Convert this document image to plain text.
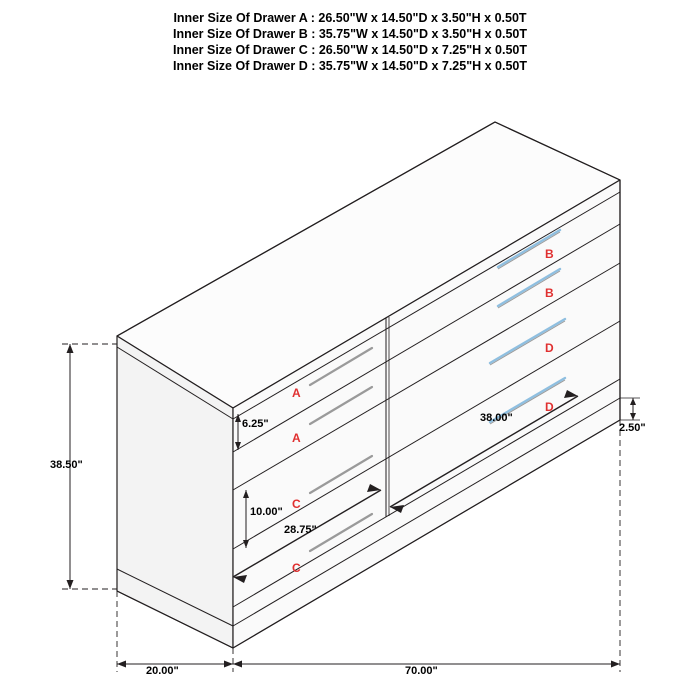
Inner Size Of Drawer A : 26.50"W x 14.50"D x 3.50"H x 0.50T
Inner Size Of Drawer B : 35.75"W x 14.50"D x 3.50"H x 0.50T
Inner Size Of Drawer C : 26.50"W x 14.50"D x 7.25"H x 0.50T
Inner Size Of Drawer D : 35.75"W x 14.50"D x 7.25"H x 0.50T
38.50"
20.00"	70.00"
6.25"
10.00"
2.50"
38.00"
28.75"
B
B
D
D
A
A
C
C
